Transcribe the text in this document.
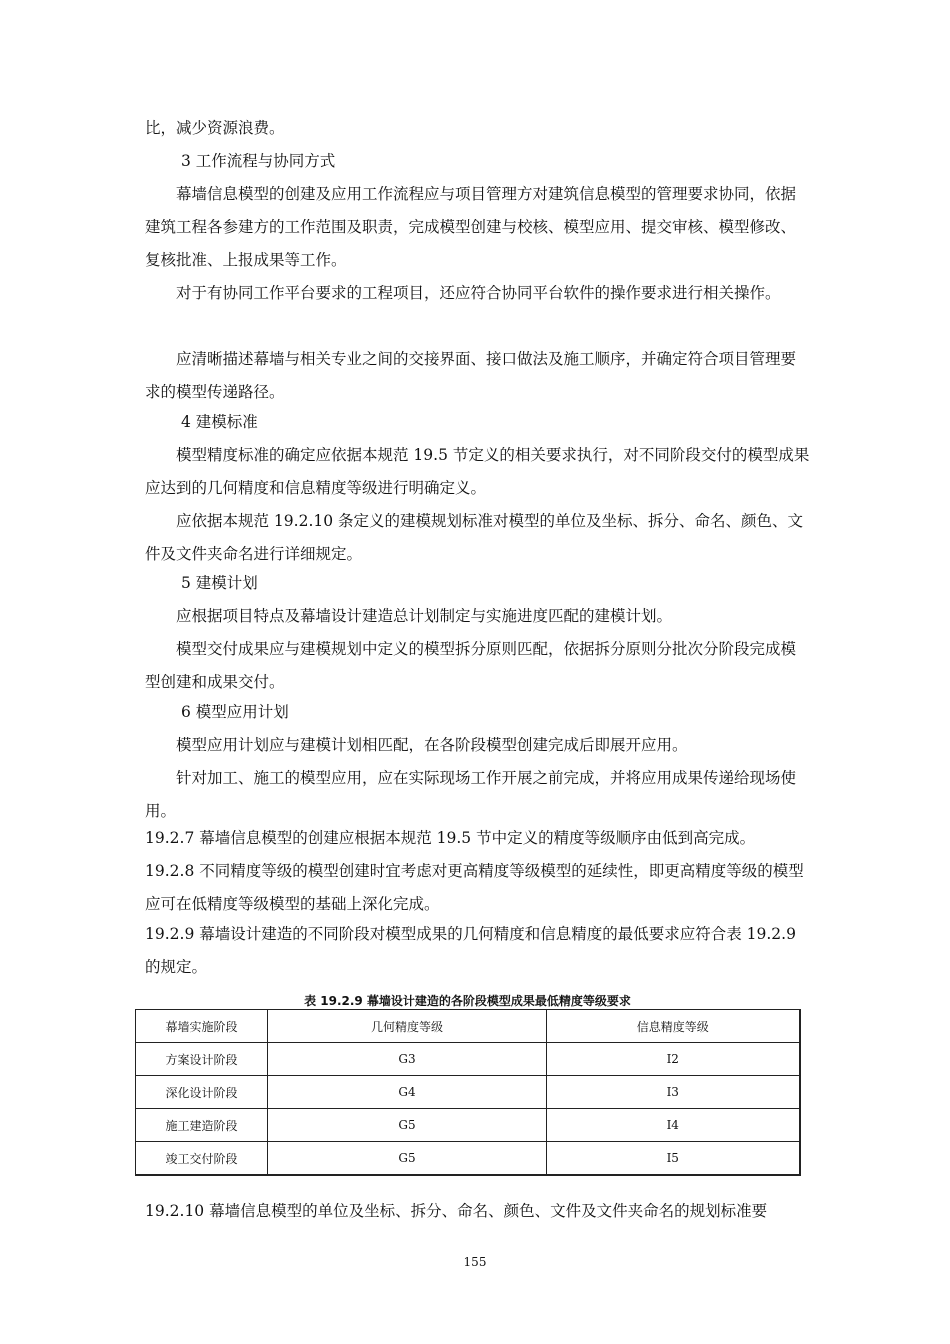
比，减少资源浪费。

3 工作流程与协同方式

幕墙信息模型的创建及应用工作流程应与项目管理方对建筑信息模型的管理要求协同，依据建筑工程各参建方的工作范围及职责，完成模型创建与校核、模型应用、提交审核、模型修改、复核批准、上报成果等工作。

对于有协同工作平台要求的工程项目，还应符合协同平台软件的操作要求进行相关操作。

应清晰描述幕墙与相关专业之间的交接界面、接口做法及施工顺序，并确定符合项目管理要求的模型传递路径。

4 建模标准

模型精度标准的确定应依据本规范 19.5 节定义的相关要求执行，对不同阶段交付的模型成果应达到的几何精度和信息精度等级进行明确定义。

应依据本规范 19.2.10 条定义的建模规划标准对模型的单位及坐标、拆分、命名、颜色、文件及文件夹命名进行详细规定。

5 建模计划

应根据项目特点及幕墙设计建造总计划制定与实施进度匹配的建模计划。

模型交付成果应与建模规划中定义的模型拆分原则匹配，依据拆分原则分批次分阶段完成模型创建和成果交付。

6 模型应用计划

模型应用计划应与建模计划相匹配，在各阶段模型创建完成后即展开应用。

针对加工、施工的模型应用，应在实际现场工作开展之前完成，并将应用成果传递给现场使用。

19.2.7 幕墙信息模型的创建应根据本规范 19.5 节中定义的精度等级顺序由低到高完成。

19.2.8 不同精度等级的模型创建时宜考虑对更高精度等级模型的延续性，即更高精度等级的模型应可在低精度等级模型的基础上深化完成。

19.2.9 幕墙设计建造的不同阶段对模型成果的几何精度和信息精度的最低要求应符合表 19.2.9 的规定。

表 19.2.9 幕墙设计建造的各阶段模型成果最低精度等级要求
幕墙实施阶段	几何精度等级	信息精度等级
方案设计阶段	G3	I2
深化设计阶段	G4	I3
施工建造阶段	G5	I4
竣工交付阶段	G5	I5

19.2.10 幕墙信息模型的单位及坐标、拆分、命名、颜色、文件及文件夹命名的规划标准要

155
